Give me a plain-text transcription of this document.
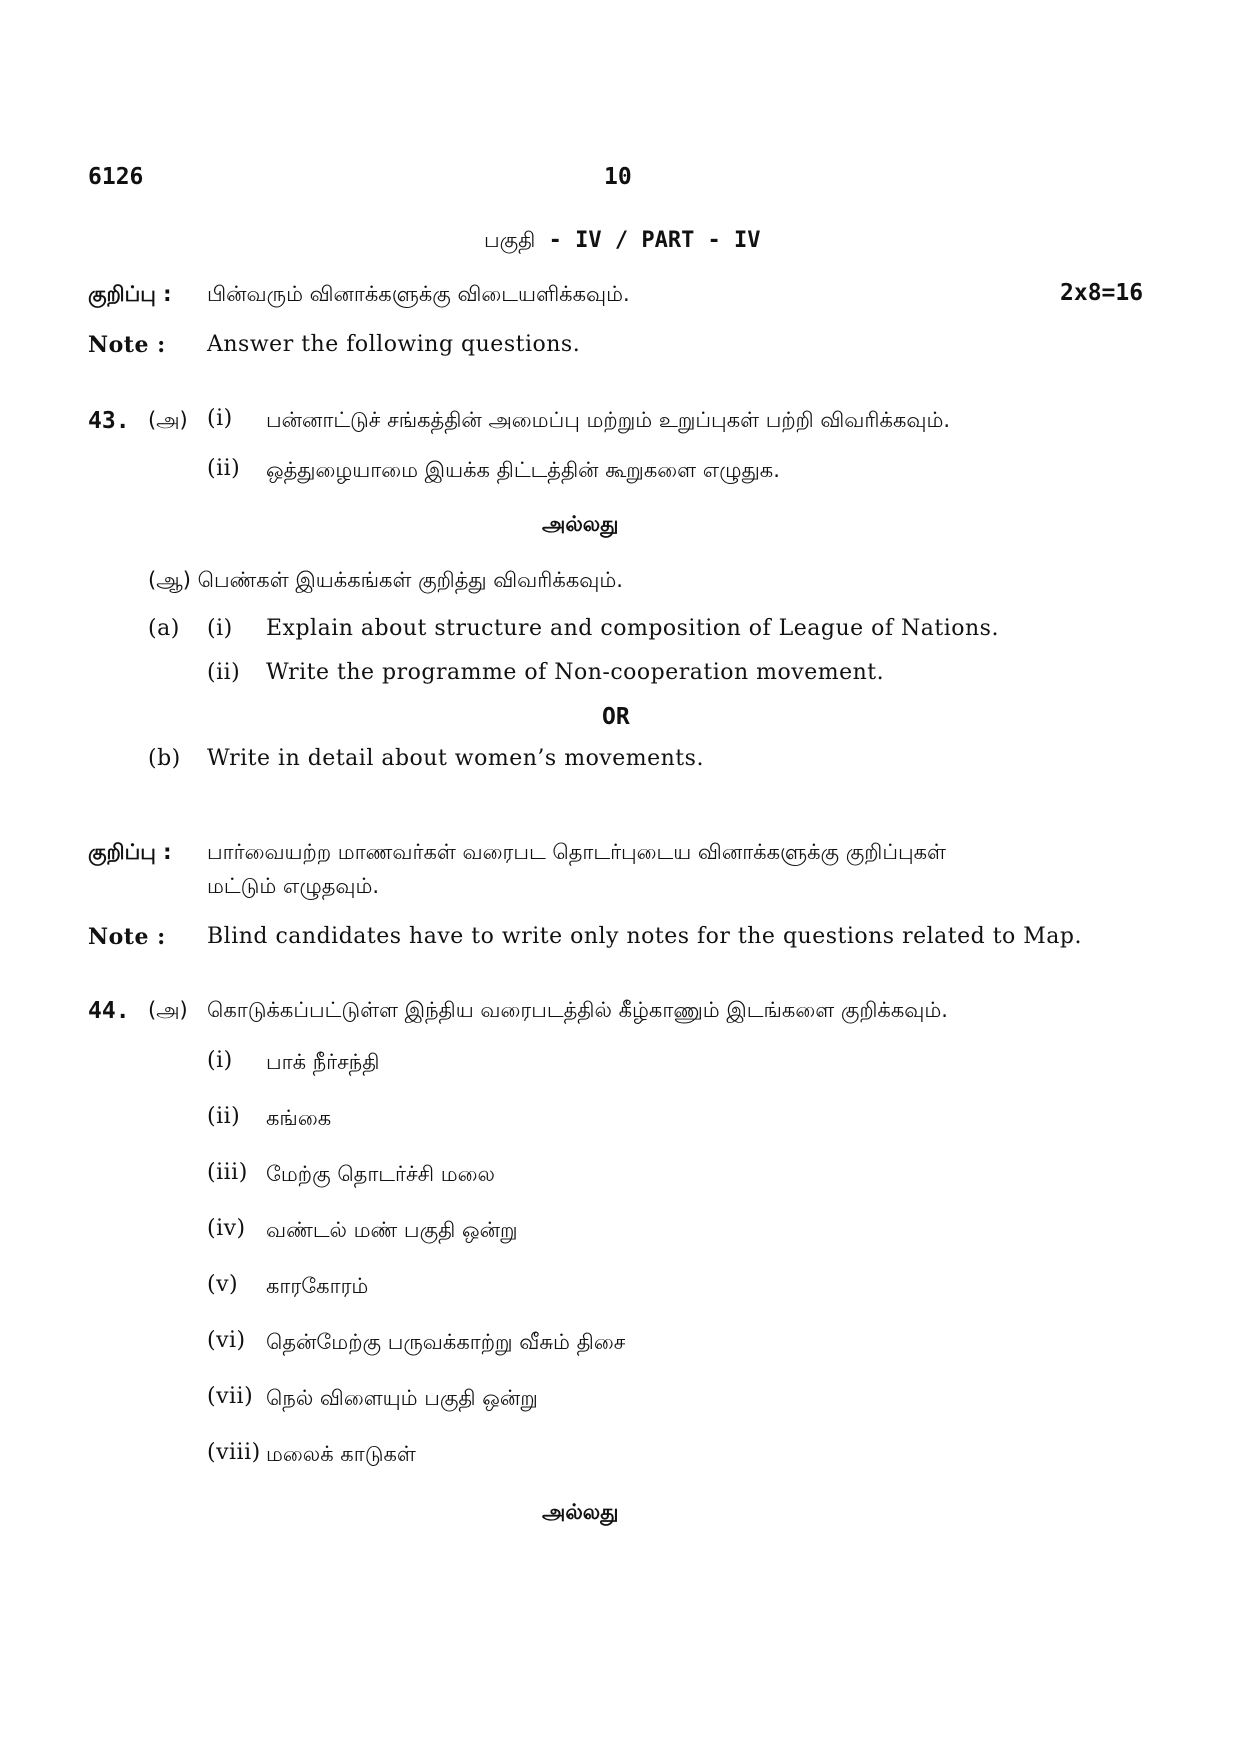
6126	10
பகுதி - IV / PART - IV
குறிப்பு : பின்வரும் வினாக்களுக்கு விடையளிக்கவும்.	2x8=16
Note : Answer the following questions.
43. (அ) (i) பன்னாட்டுச் சங்கத்தின் அமைப்பு மற்றும் உறுப்புகள் பற்றி விவரிக்கவும்.
(ii) ஒத்துழையாமை இயக்க திட்டத்தின் கூறுகளை எழுதுக.
அல்லது
(ஆ) பெண்கள் இயக்கங்கள் குறித்து விவரிக்கவும்.
(a) (i) Explain about structure and composition of League of Nations.
(ii) Write the programme of Non-cooperation movement.
OR
(b) Write in detail about women’s movements.
குறிப்பு : பார்வையற்ற மாணவர்கள் வரைபட தொடர்புடைய வினாக்களுக்கு குறிப்புகள்
மட்டும் எழுதவும்.
Note : Blind candidates have to write only notes for the questions related to Map.
44. (அ) கொடுக்கப்பட்டுள்ள இந்திய வரைபடத்தில் கீழ்காணும் இடங்களை குறிக்கவும்.
(i) பாக் நீர்சந்தி
(ii) கங்கை
(iii) மேற்கு தொடர்ச்சி மலை
(iv) வண்டல் மண் பகுதி ஒன்று
(v) காரகோரம்
(vi) தென்மேற்கு பருவக்காற்று வீசும் திசை
(vii) நெல் விளையும் பகுதி ஒன்று
(viii) மலைக் காடுகள்
அல்லது
